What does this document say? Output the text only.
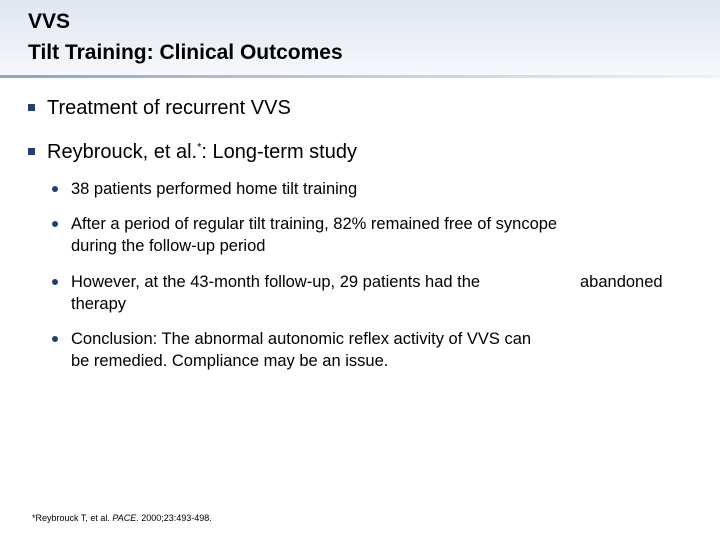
VVS
Tilt Training: Clinical Outcomes
Treatment of recurrent VVS
Reybrouck, et al.*: Long-term study
38 patients performed home tilt training
After a period of regular tilt training, 82% remained free of syncope during the follow-up period
However, at the 43-month follow-up, 29 patients had the therapy
abandoned
Conclusion: The abnormal autonomic reflex activity of VVS can be remedied. Compliance may be an issue.
*Reybrouck T, et al. PACE. 2000;23:493-498.
